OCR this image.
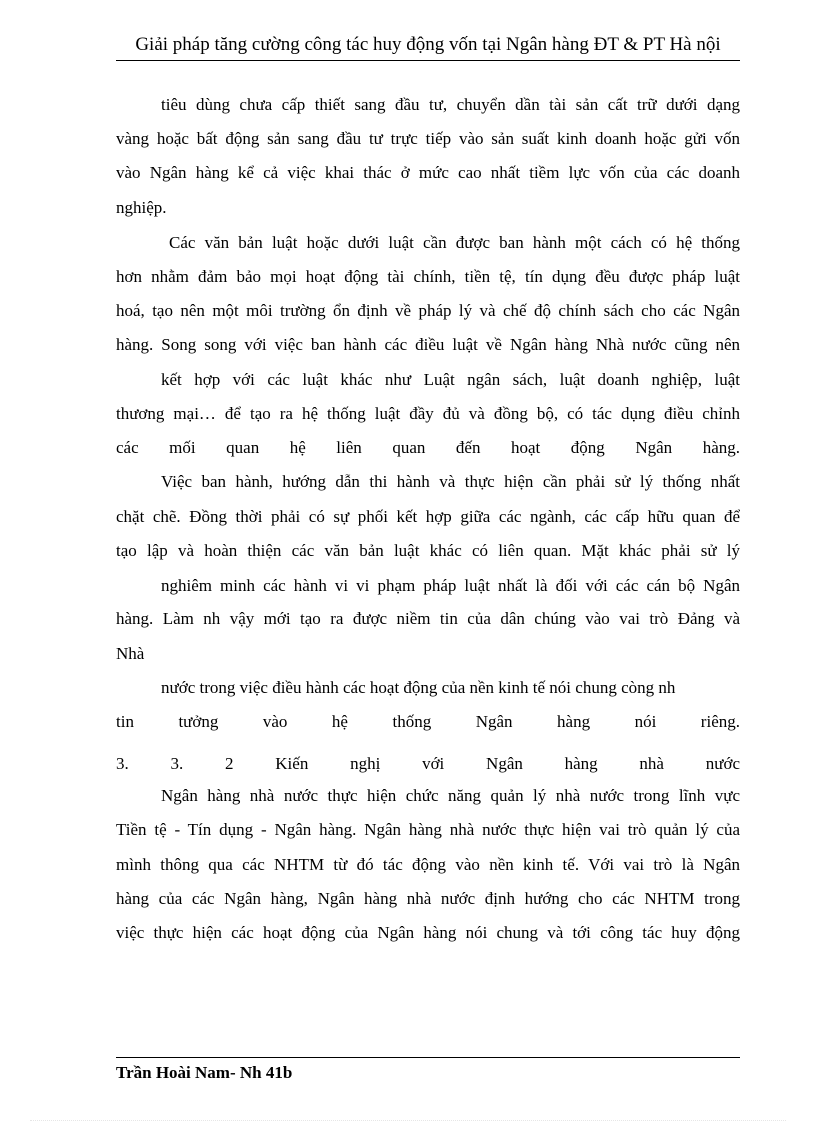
Giải pháp tăng cường công tác huy động vốn tại Ngân hàng ĐT & PT Hà nội
tiêu dùng chưa cấp thiết sang đầu tư, chuyển dần tài sản cất trữ dưới dạng
vàng hoặc bất động sản sang đầu tư trực tiếp vào sản suất kinh doanh hoặc gửi vốn
vào Ngân hàng kể cả việc khai thác ở mức cao nhất tiềm lực vốn của các doanh
nghiệp.
Các văn bản luật hoặc dưới luật cần được ban hành một cách có hệ thống
hơn nhằm đảm bảo mọi hoạt động tài chính, tiền tệ, tín dụng đều được pháp luật
hoá, tạo nên một môi trường ổn định về pháp lý và chế độ chính sách cho các Ngân
hàng. Song song với việc ban hành các điều luật về Ngân hàng Nhà nước cũng nên
kết hợp với các luật khác như Luật ngân sách, luật doanh nghiệp, luật
thương mại… để tạo ra hệ thống luật đầy đủ và đồng bộ, có tác dụng điều chỉnh
các mối quan hệ liên quan đến hoạt động Ngân hàng.
Việc ban hành, hướng dẫn thi hành và thực hiện cần phải sử lý thống nhất
chặt chẽ. Đồng thời phải có sự phối kết hợp giữa các ngành, các cấp hữu quan để
tạo lập và hoàn thiện các văn bản luật khác có liên quan. Mặt khác phải sử lý
nghiêm minh các hành vi vi phạm pháp luật nhất là đối với các cán bộ Ngân
hàng. Làm nh vậy mới tạo ra được niềm tin của dân chúng vào vai trò Đảng và
Nhà
nước trong việc điều hành các hoạt động của nền kinh tế nói chung còng nh
tin tưởng vào hệ thống Ngân hàng nói riêng.
3. 3. 2 Kiến nghị với Ngân hàng nhà nước
Ngân hàng nhà nước thực hiện chức năng quản lý nhà nước trong lĩnh vực
Tiền tệ - Tín dụng - Ngân hàng. Ngân hàng nhà nước thực hiện vai trò quản lý của
mình thông qua các NHTM từ đó tác động vào nền kinh tế. Với vai trò là Ngân
hàng của các Ngân hàng, Ngân hàng nhà nước định hướng cho các NHTM trong
việc thực hiện các hoạt động của Ngân hàng nói chung và tới công tác huy động
Trần Hoài Nam- Nh 41b
